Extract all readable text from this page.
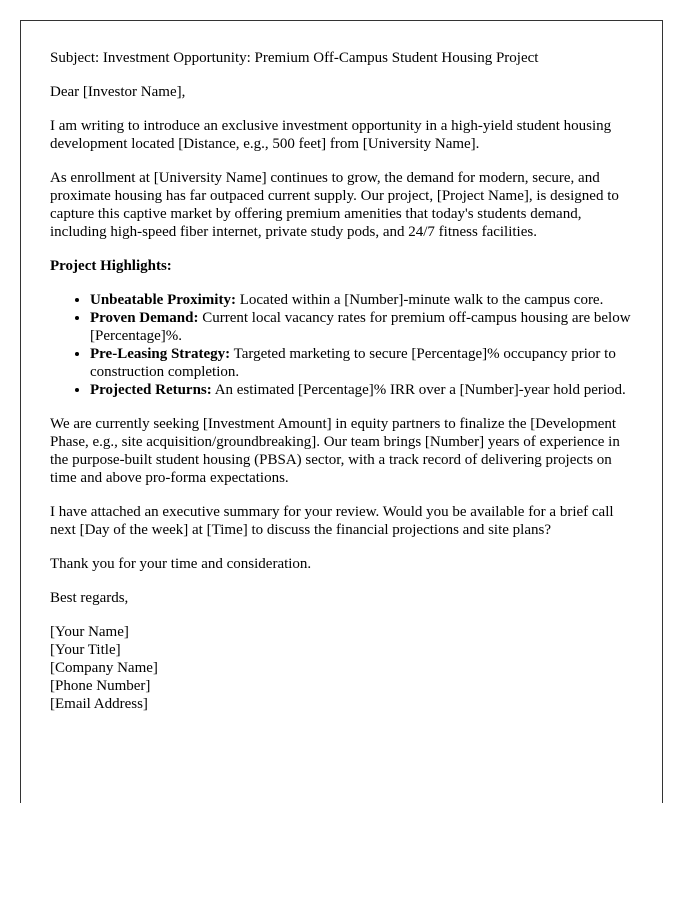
Subject: Investment Opportunity: Premium Off-Campus Student Housing Project

Dear [Investor Name],

I am writing to introduce an exclusive investment opportunity in a high-yield student housing development located [Distance, e.g., 500 feet] from [University Name].

As enrollment at [University Name] continues to grow, the demand for modern, secure, and proximate housing has far outpaced current supply. Our project, [Project Name], is designed to capture this captive market by offering premium amenities that today's students demand, including high-speed fiber internet, private study pods, and 24/7 fitness facilities.

Project Highlights:

• Unbeatable Proximity: Located within a [Number]-minute walk to the campus core.
• Proven Demand: Current local vacancy rates for premium off-campus housing are below [Percentage]%.
• Pre-Leasing Strategy: Targeted marketing to secure [Percentage]% occupancy prior to construction completion.
• Projected Returns: An estimated [Percentage]% IRR over a [Number]-year hold period.

We are currently seeking [Investment Amount] in equity partners to finalize the [Development Phase, e.g., site acquisition/groundbreaking]. Our team brings [Number] years of experience in the purpose-built student housing (PBSA) sector, with a track record of delivering projects on time and above pro-forma expectations.

I have attached an executive summary for your review. Would you be available for a brief call next [Day of the week] at [Time] to discuss the financial projections and site plans?

Thank you for your time and consideration.

Best regards,

[Your Name]
[Your Title]
[Company Name]
[Phone Number]
[Email Address]
